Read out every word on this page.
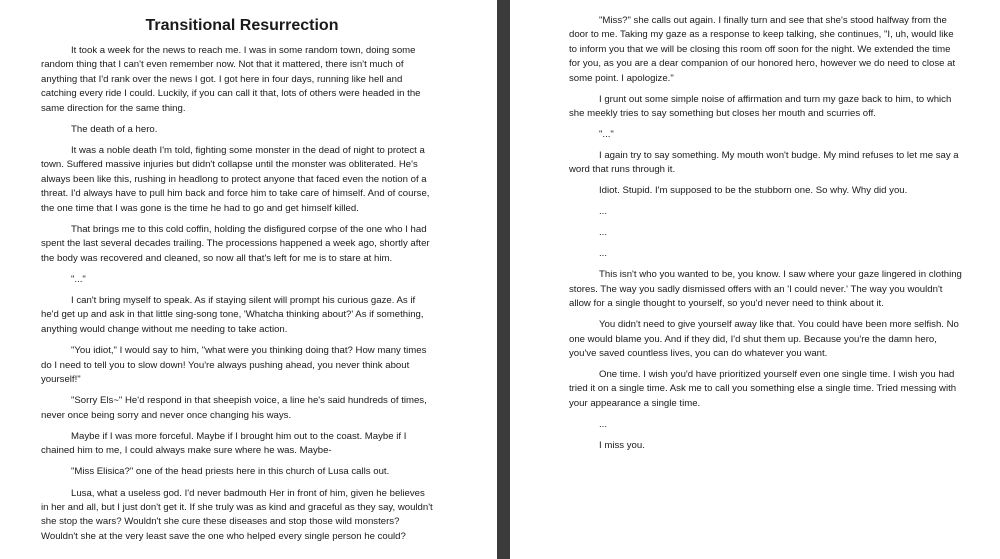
Transitional Resurrection

It took a week for the news to reach me. I was in some random town, doing some random thing that I can't even remember now. Not that it mattered, there isn't much of anything that I'd rank over the news I got. I got here in four days, running like hell and catching every ride I could. Luckily, if you can call it that, lots of others were headed in the same direction for the same thing.

The death of a hero.

It was a noble death I'm told, fighting some monster in the dead of night to protect a town. Suffered massive injuries but didn't collapse until the monster was obliterated. He's always been like this, rushing in headlong to protect anyone that faced even the notion of a threat. I'd always have to pull him back and force him to take care of himself. And of course, the one time that I was gone is the time he had to go and get himself killed.

That brings me to this cold coffin, holding the disfigured corpse of the one who I had spent the last several decades trailing. The processions happened a week ago, shortly after the body was recovered and cleaned, so now all that's left for me is to stare at him.

"..."

I can't bring myself to speak. As if staying silent will prompt his curious gaze. As if he'd get up and ask in that little sing-song tone, 'Whatcha thinking about?' As if something, anything would change without me needing to take action.

"You idiot," I would say to him, "what were you thinking doing that? How many times do I need to tell you to slow down! You're always pushing ahead, you never think about yourself!"

"Sorry Els~" He'd respond in that sheepish voice, a line he's said hundreds of times, never once being sorry and never once changing his ways.

Maybe if I was more forceful. Maybe if I brought him out to the coast. Maybe if I chained him to me, I could always make sure where he was. Maybe-

"Miss Elisica?" one of the head priests here in this church of Lusa calls out.

Lusa, what a useless god. I'd never badmouth Her in front of him, given he believes in her and all, but I just don't get it. If she truly was as kind and graceful as they say, wouldn't she stop the wars? Wouldn't she cure these diseases and stop those wild monsters? Wouldn't she at the very least save the one who helped every single person he could?

"Miss?" she calls out again. I finally turn and see that she's stood halfway from the door to me. Taking my gaze as a response to keep talking, she continues, "I, uh, would like to inform you that we will be closing this room off soon for the night. We extended the time for you, as you are a dear companion of our honored hero, however we do need to close at some point. I apologize."

I grunt out some simple noise of affirmation and turn my gaze back to him, to which she meekly tries to say something but closes her mouth and scurries off.

"..."

I again try to say something. My mouth won't budge. My mind refuses to let me say a word that runs through it.

Idiot. Stupid. I'm supposed to be the stubborn one. So why. Why did you.

...

...

...

This isn't who you wanted to be, you know. I saw where your gaze lingered in clothing stores. The way you sadly dismissed offers with an 'I could never.' The way you wouldn't allow for a single thought to yourself, so you'd never need to think about it.

You didn't need to give yourself away like that. You could have been more selfish. No one would blame you. And if they did, I'd shut them up. Because you're the damn hero, you've saved countless lives, you can do whatever you want.

One time. I wish you'd have prioritized yourself even one single time. I wish you had tried it on a single time. Ask me to call you something else a single time. Tried messing with your appearance a single time.

...

I miss you.
